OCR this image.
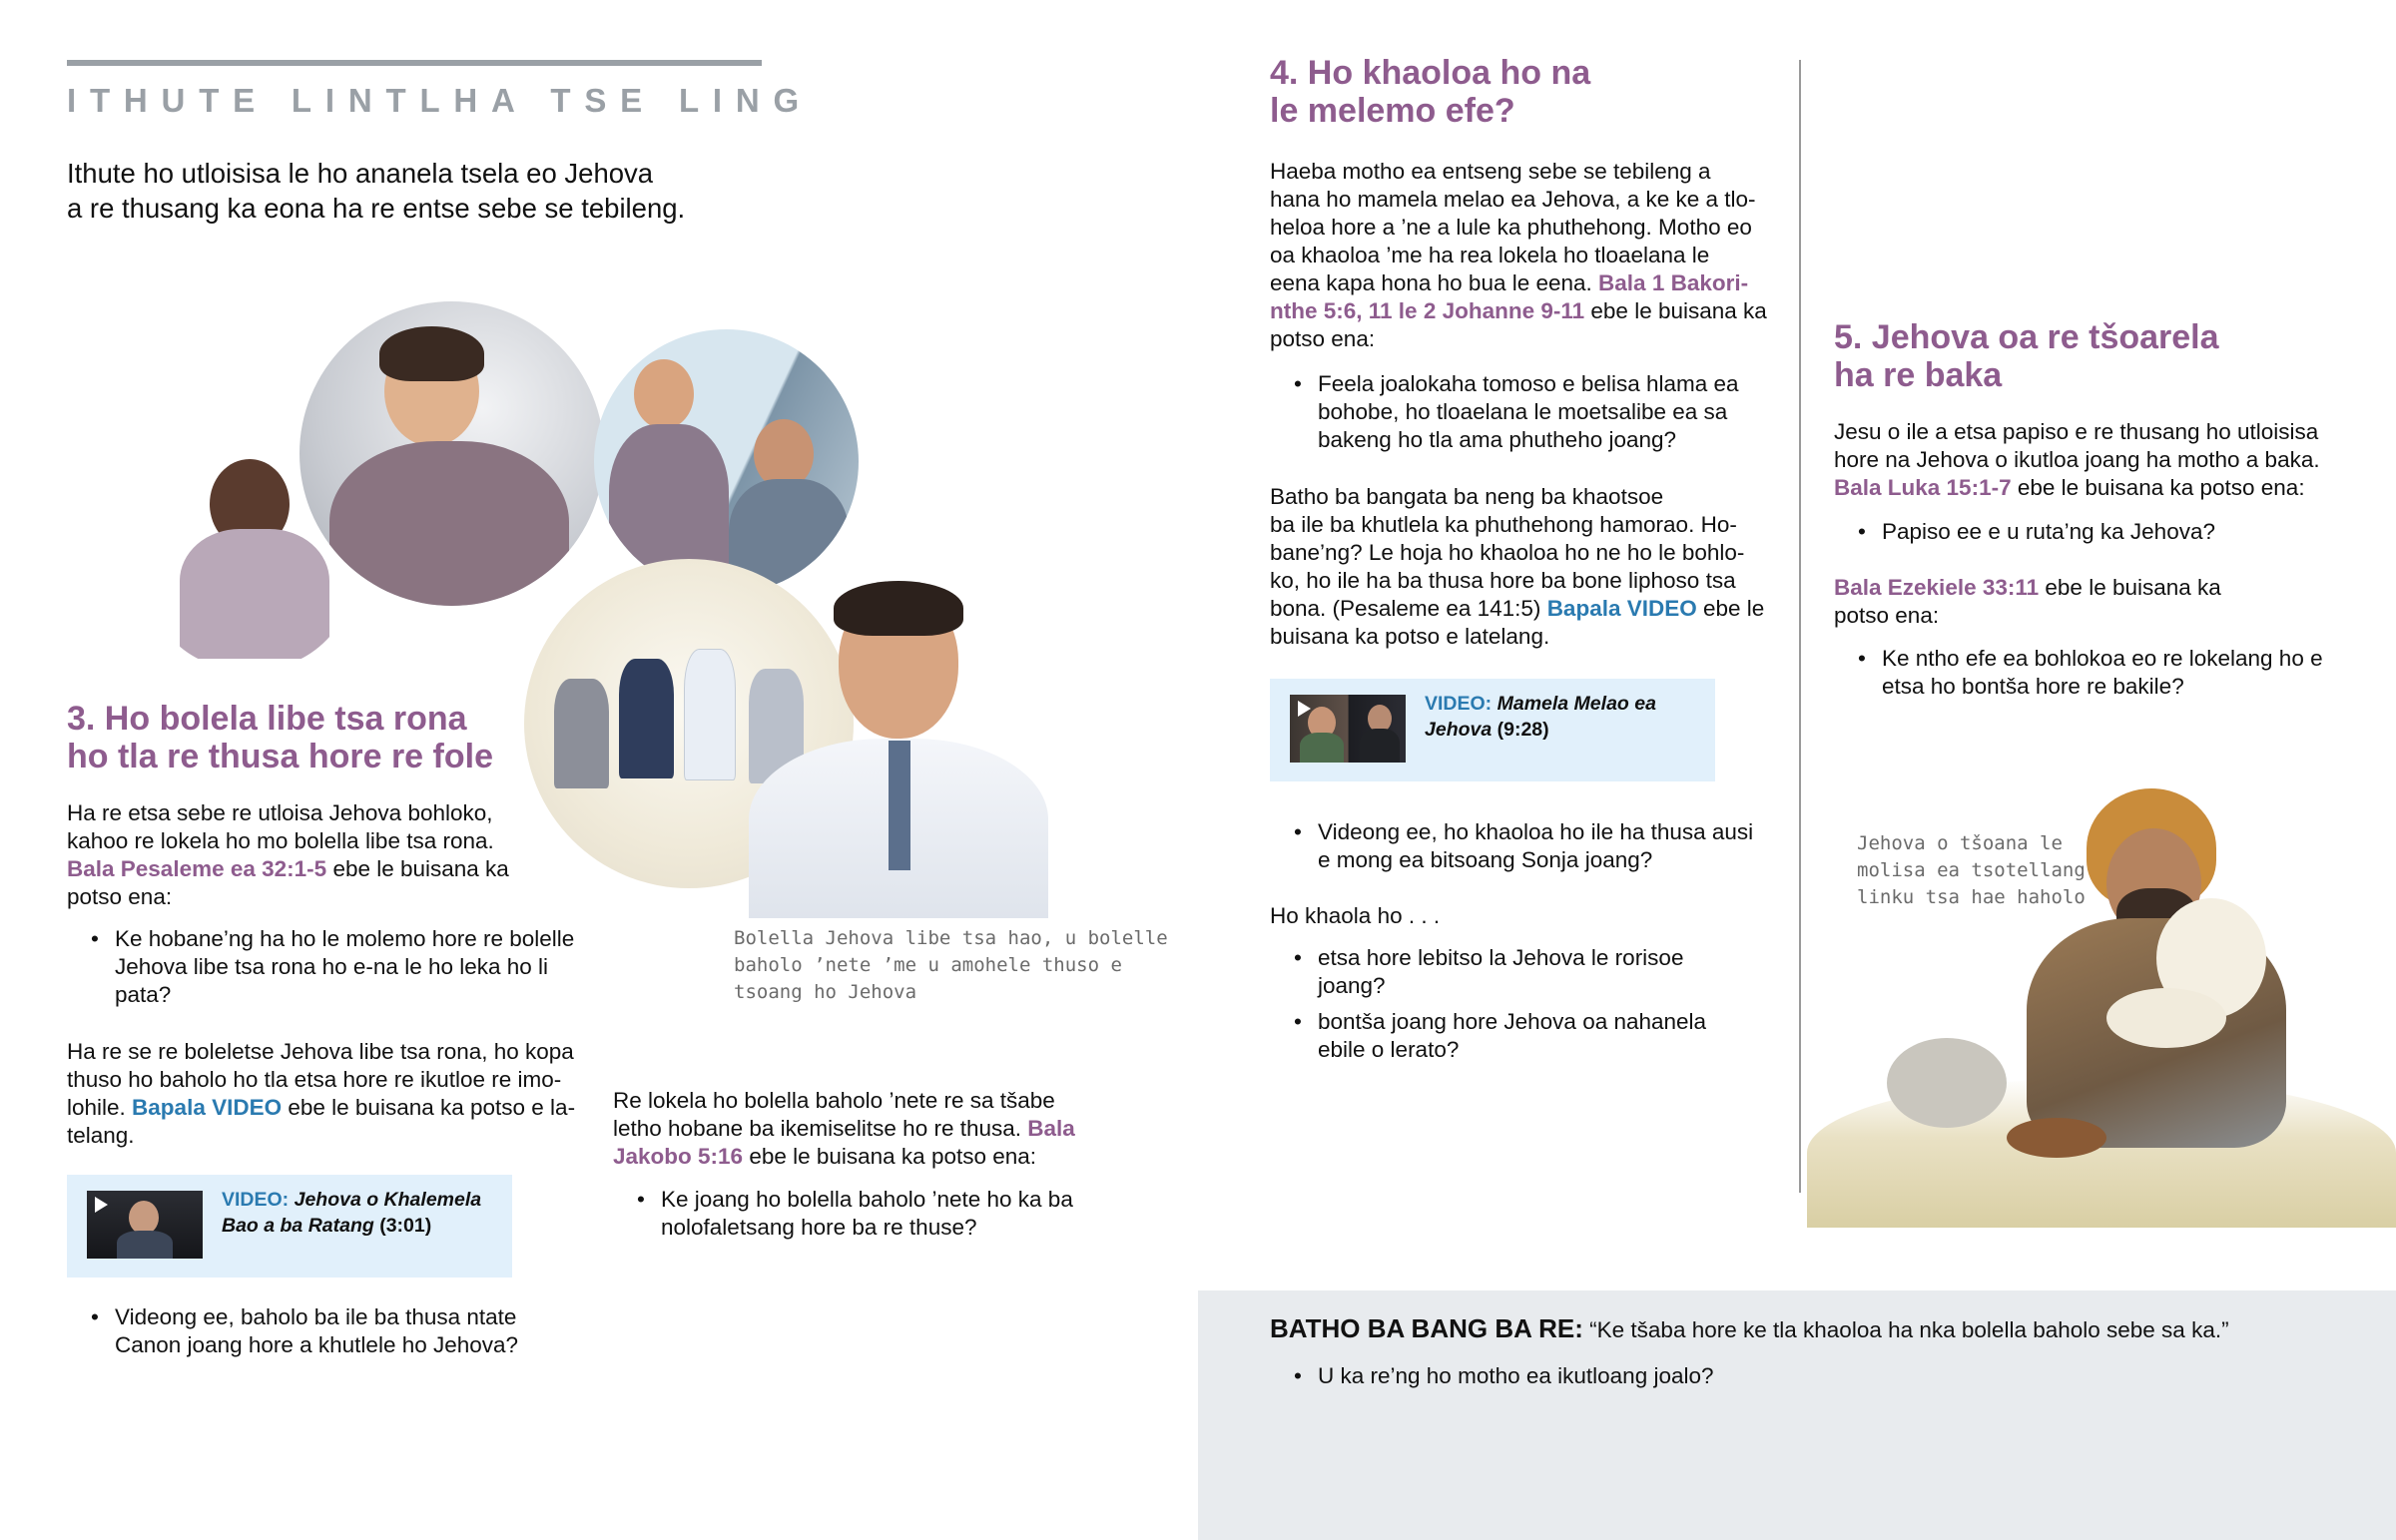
ITHUTE LINTLHA TSE LING
Ithute ho utloisisa le ho ananela tsela eo Jehova
a re thusang ka eona ha re entse sebe se tebileng.
3. Ho bolela libe tsa rona
ho tla re thusa hore re fole
Ha re etsa sebe re utloisa Jehova bohloko,
kahoo re lokela ho mo bolella libe tsa rona.
Bala Pesaleme ea 32:1-5 ebe le buisana ka
potso ena:
• Ke hobane’ng ha ho le molemo hore re bolelle
Jehova libe tsa rona ho e-na le ho leka ho li
pata?
Ha re se re boleletse Jehova libe tsa rona, ho kopa
thuso ho baholo ho tla etsa hore re ikutloe re imo-
lohile. Bapala VIDEO ebe le buisana ka potso e la-
telang.
VIDEO: Jehova o Khalemela
Bao a ba Ratang (3:01)
• Videong ee, baholo ba ile ba thusa ntate
Canon joang hore a khutlele ho Jehova?
Bolella Jehova libe tsa hao, u bolelle
baholo ’nete ’me u amohele thuso e
tsoang ho Jehova
Re lokela ho bolella baholo ’nete re sa tšabe
letho hobane ba ikemiselitse ho re thusa. Bala
Jakobo 5:16 ebe le buisana ka potso ena:
• Ke joang ho bolella baholo ’nete ho ka ba
nolofaletsang hore ba re thuse?
4. Ho khaoloa ho na
le melemo efe?
Haeba motho ea entseng sebe se tebileng a
hana ho mamela melao ea Jehova, a ke ke a tlo-
heloa hore a ’ne a lule ka phuthehong. Motho eo
oa khaoloa ’me ha rea lokela ho tloaelana le
eena kapa hona ho bua le eena. Bala 1 Bakori-
nthe 5:6, 11 le 2 Johanne 9-11 ebe le buisana ka
potso ena:
• Feela joalokaha tomoso e belisa hlama ea
bohobe, ho tloaelana le moetsalibe ea sa
bakeng ho tla ama phutheho joang?
Batho ba bangata ba neng ba khaotsoe
ba ile ba khutlela ka phuthehong hamorao. Ho-
bane’ng? Le hoja ho khaoloa ho ne ho le bohlo-
ko, ho ile ha ba thusa hore ba bone liphoso tsa
bona. (Pesaleme ea 141:5) Bapala VIDEO ebe le
buisana ka potso e latelang.
VIDEO: Mamela Melao ea
Jehova (9:28)
• Videong ee, ho khaoloa ho ile ha thusa ausi
e mong ea bitsoang Sonja joang?
Ho khaola ho . . .
• etsa hore lebitso la Jehova le rorisoe
joang?
• bontša joang hore Jehova oa nahanela
ebile o lerato?
5. Jehova oa re tšoarela
ha re baka
Jesu o ile a etsa papiso e re thusang ho utloisisa
hore na Jehova o ikutloa joang ha motho a baka.
Bala Luka 15:1-7 ebe le buisana ka potso ena:
• Papiso ee e u ruta’ng ka Jehova?
Bala Ezekiele 33:11 ebe le buisana ka
potso ena:
• Ke ntho efe ea bohlokoa eo re lokelang ho e
etsa ho bontša hore re bakile?
Jehova o tšoana le
molisa ea tsotellang
linku tsa hae haholo
BATHO BA BANG BA RE: “Ke tšaba hore ke tla khaoloa ha nka bolella baholo sebe sa ka.”
• U ka re’ng ho motho ea ikutloang joalo?
